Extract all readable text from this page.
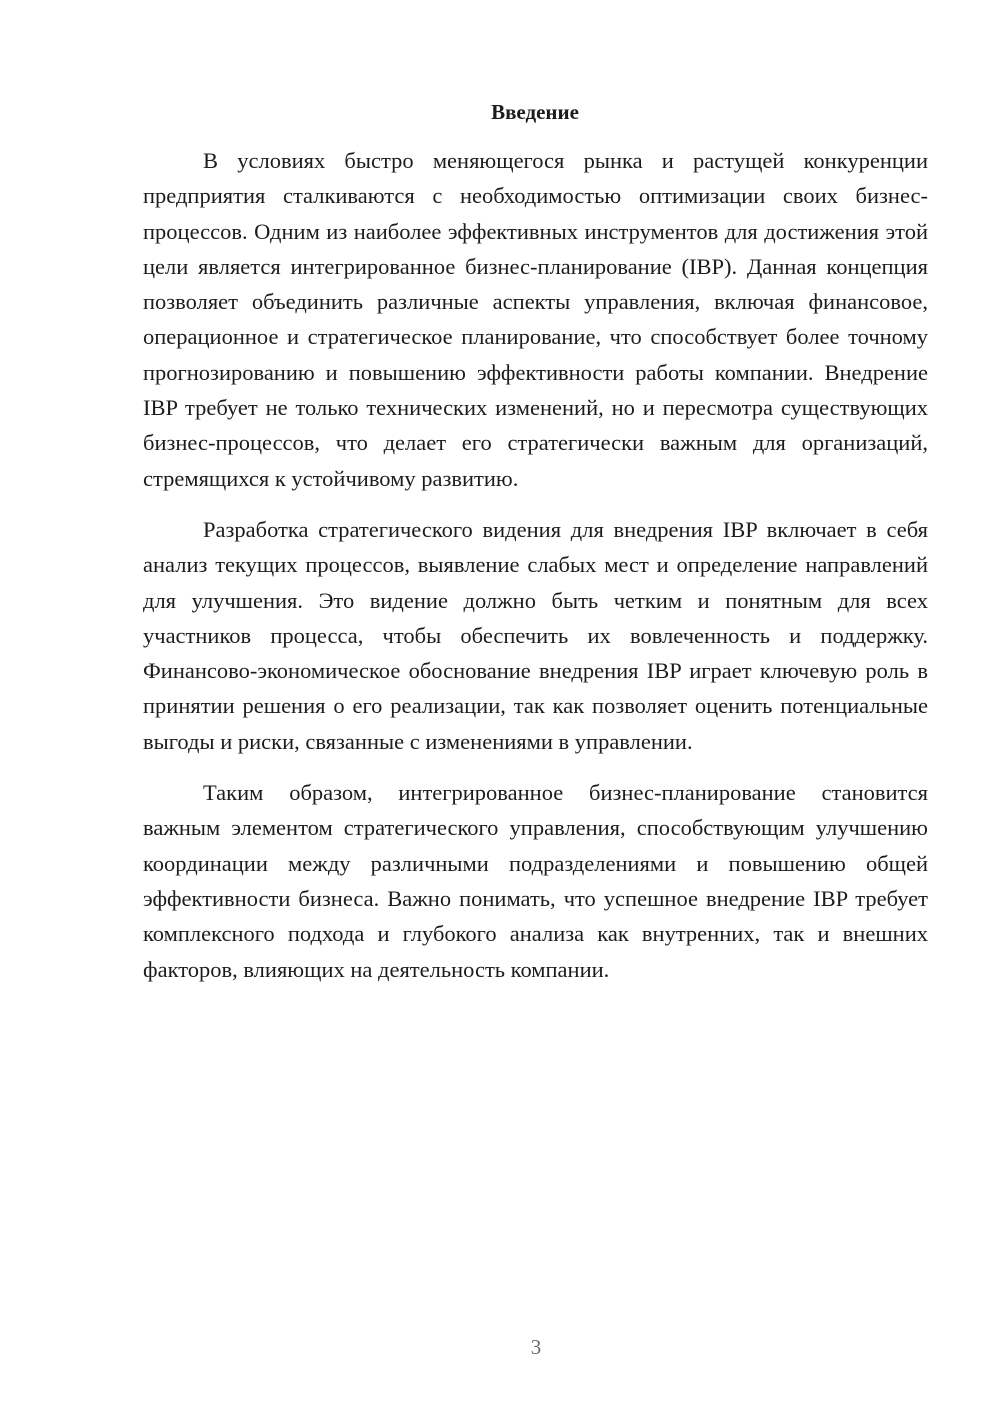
Введение

В условиях быстро меняющегося рынка и растущей конкуренции предприятия сталкиваются с необходимостью оптимизации своих бизнес-процессов. Одним из наиболее эффективных инструментов для достижения этой цели является интегрированное бизнес-планирование (IBP). Данная концепция позволяет объединить различные аспекты управления, включая финансовое, операционное и стратегическое планирование, что способствует более точному прогнозированию и повышению эффективности работы компании. Внедрение IBP требует не только технических изменений, но и пересмотра существующих бизнес-процессов, что делает его стратегически важным для организаций, стремящихся к устойчивому развитию.

Разработка стратегического видения для внедрения IBP включает в себя анализ текущих процессов, выявление слабых мест и определение направлений для улучшения. Это видение должно быть четким и понятным для всех участников процесса, чтобы обеспечить их вовлеченность и поддержку. Финансово-экономическое обоснование внедрения IBP играет ключевую роль в принятии решения о его реализации, так как позволяет оценить потенциальные выгоды и риски, связанные с изменениями в управлении.

Таким образом, интегрированное бизнес-планирование становится важным элементом стратегического управления, способствующим улучшению координации между различными подразделениями и повышению общей эффективности бизнеса. Важно понимать, что успешное внедрение IBP требует комплексного подхода и глубокого анализа как внутренних, так и внешних факторов, влияющих на деятельность компании.

3
